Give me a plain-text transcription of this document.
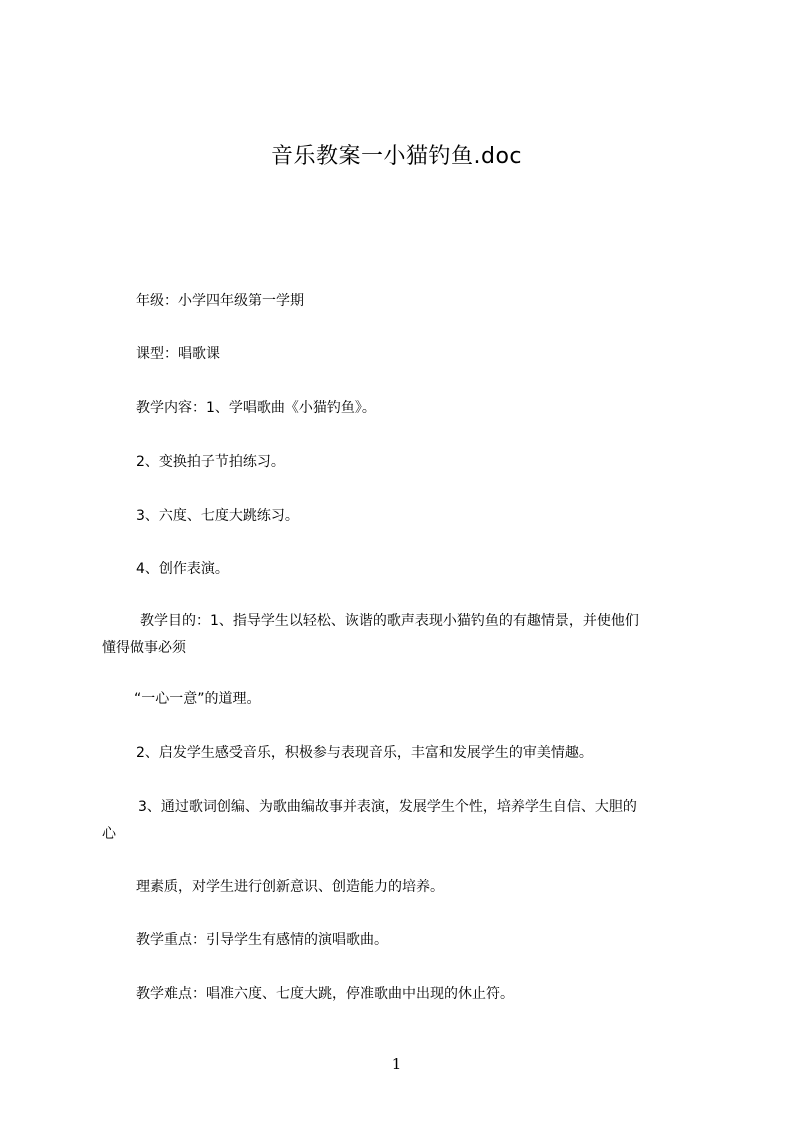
音乐教案一小猫钓鱼.doc
年级：小学四年级第一学期
课型：唱歌课
教学内容：1、学唱歌曲《小猫钓鱼》。
2、变换拍子节拍练习。
3、六度、七度大跳练习。
4、创作表演。
教学目的：1、指导学生以轻松、诙谐的歌声表现小猫钓鱼的有趣情景，并使他们
懂得做事必须
“一心一意”的道理。
2、启发学生感受音乐，积极参与表现音乐，丰富和发展学生的审美情趣。
3、通过歌词创编、为歌曲编故事并表演，发展学生个性，培养学生自信、大胆的
心
理素质，对学生进行创新意识、创造能力的培养。
教学重点：引导学生有感情的演唱歌曲。
教学难点：唱准六度、七度大跳，停准歌曲中出现的休止符。
1
